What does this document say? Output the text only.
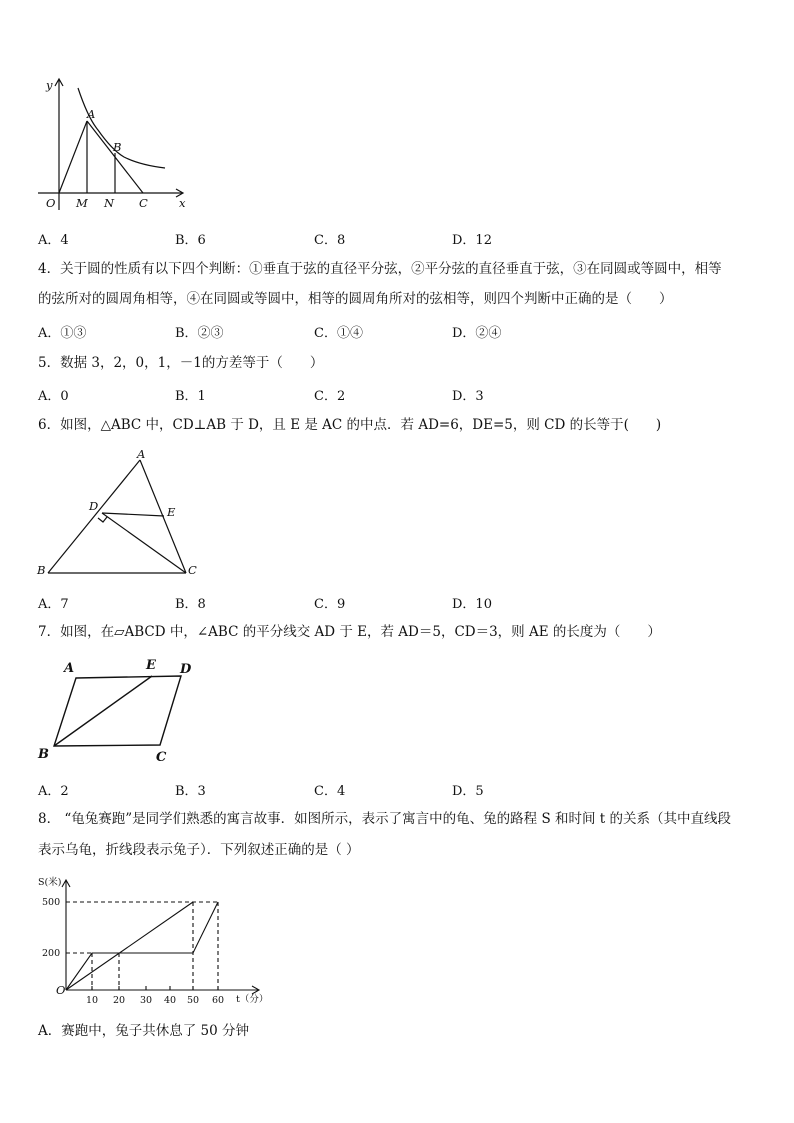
y
A
B
O M N C	x
A．4	B．6	C．8	D．12
4．关于圆的性质有以下四个判断：①垂直于弦的直径平分弦，②平分弦的直径垂直于弦，③在同圆或等圆中，相等
的弦所对的圆周角相等，④在同圆或等圆中，相等的圆周角所对的弦相等，则四个判断中正确的是（　　）
A．①③	B．②③	C．①④	D．②④
5．数据 3，2，0，1，－1的方差等于（　　）
A．0	B．1	C．2	D．3
6．如图，△ABC 中，CD⊥AB 于 D，且 E 是 AC 的中点．若 AD=6，DE=5，则 CD 的长等于(　　)
A
D	E
B	C
A．7	B．8	C．9	D．10
7．如图，在▱ABCD 中，∠ABC 的平分线交 AD 于 E，若 AD＝5，CD＝3，则 AE 的长度为（　　）
A	E D
B	C
A．2	B．3	C．4	D．5
8． “龟兔赛跑”是同学们熟悉的寓言故事．如图所示，表示了寓言中的龟、兔的路程 S 和时间 t 的关系（其中直线段
表示乌龟，折线段表示兔子）．下列叙述正确的是（ ）
S(米)
500
200
O
10 20 30 40 50 60 t（分）
A．赛跑中，兔子共休息了 50 分钟
